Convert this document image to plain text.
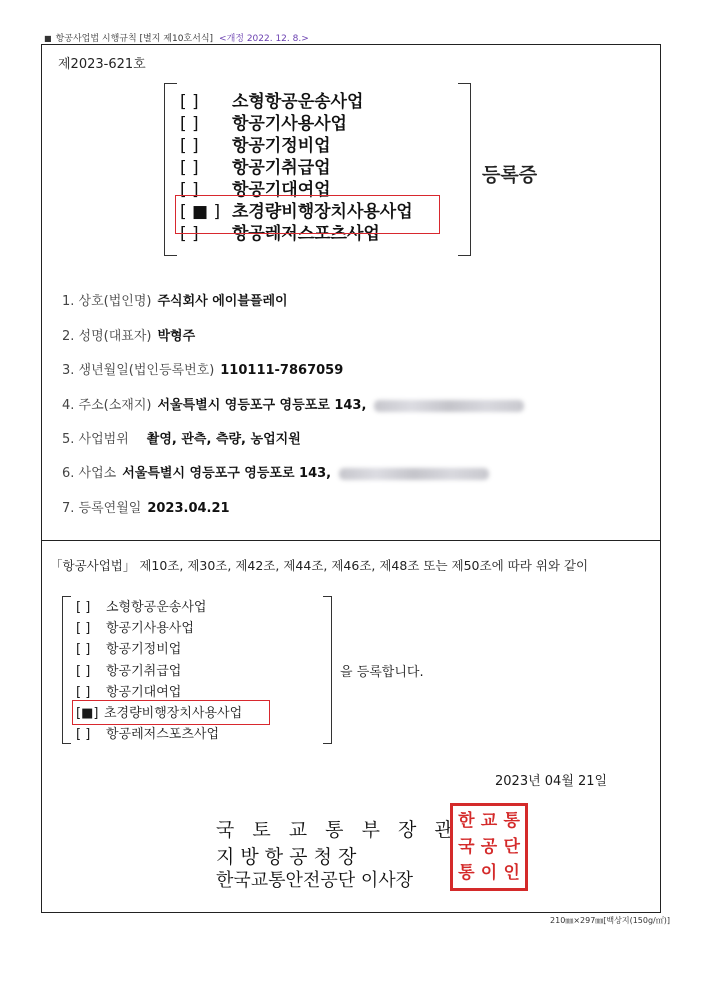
■ 항공사업법 시행규칙 [별지 제10호서식] <개정 2022. 12. 8.>
제2023-621호
[ ] 소형항공운송사업
[ ] 항공기사용사업
[ ] 항공기정비업
[ ] 항공기취급업
[ ] 항공기대여업
[ ■ ] 초경량비행장치사용사업
[ ] 항공레저스포츠사업
등록증
1. 상호(법인명) 주식회사 에이블플레이
2. 성명(대표자) 박형주
3. 생년월일(법인등록번호) 110111-7867059
4. 주소(소재지) 서울특별시 영등포구 영등포로 143,
5. 사업범위 촬영, 관측, 측량, 농업지원
6. 사업소 서울특별시 영등포구 영등포로 143,
7. 등록연월일 2023.04.21
「항공사업법」 제10조, 제30조, 제42조, 제44조, 제46조, 제48조 또는 제50조에 따라 위와 같이
[ ] 소형항공운송사업
[ ] 항공기사용사업
[ ] 항공기정비업
[ ] 항공기취급업
[ ] 항공기대여업
[■] 초경량비행장치사용사업
[ ] 항공레저스포츠사업
을 등록합니다.
2023년 04월 21일
국 토 교 통 부 장 관
지 방 항 공 청 장
한국교통안전공단 이사장
한 교 통
국 공 단
통 이 인
210㎜×297㎜[백상지(150g/㎡)]
